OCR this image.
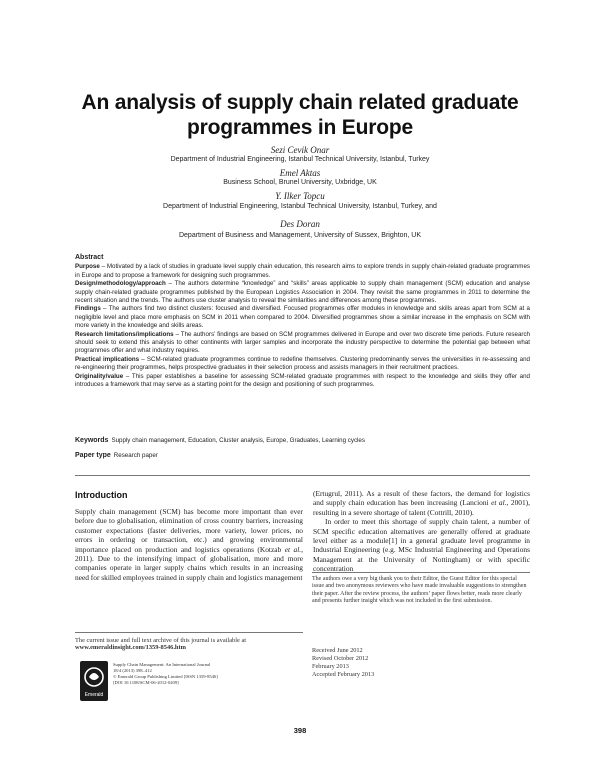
An analysis of supply chain related graduate programmes in Europe
Sezi Cevik Onar
Department of Industrial Engineering, Istanbul Technical University, Istanbul, Turkey
Emel Aktas
Business School, Brunel University, Uxbridge, UK
Y. Ilker Topcu
Department of Industrial Engineering, Istanbul Technical University, Istanbul, Turkey, and
Des Doran
Department of Business and Management, University of Sussex, Brighton, UK
Abstract
Purpose – Motivated by a lack of studies in graduate level supply chain education, this research aims to explore trends in supply chain-related graduate programmes in Europe and to propose a framework for designing such programmes.
Design/methodology/approach – The authors determine “knowledge” and “skills” areas applicable to supply chain management (SCM) education and analyse supply chain-related graduate programmes published by the European Logistics Association in 2004. They revisit the same programmes in 2011 to determine the recent situation and the trends. The authors use cluster analysis to reveal the similarities and differences among these programmes.
Findings – The authors find two distinct clusters: focused and diversified. Focused programmes offer modules in knowledge and skills areas apart from SCM at a negligible level and place more emphasis on SCM in 2011 when compared to 2004. Diversified programmes show a similar increase in the emphasis on SCM with more variety in the knowledge and skills areas.
Research limitations/implications – The authors’ findings are based on SCM programmes delivered in Europe and over two discrete time periods. Future research should seek to extend this analysis to other continents with larger samples and incorporate the industry perspective to determine the potential gap between what programmes offer and what industry requires.
Practical implications – SCM-related graduate programmes continue to redefine themselves. Clustering predominantly serves the universities in re-assessing and re-engineering their programmes, helps prospective graduates in their selection process and assists managers in their recruitment practices.
Originality/value – This paper establishes a baseline for assessing SCM-related graduate programmes with respect to the knowledge and skills they offer and introduces a framework that may serve as a starting point for the design and positioning of such programmes.
Keywords Supply chain management, Education, Cluster analysis, Europe, Graduates, Learning cycles
Paper type Research paper
Introduction

Supply chain management (SCM) has become more important than ever before due to globalisation, elimination of cross country barriers, increasing customer expectations (faster deliveries, more variety, lower prices, no errors in ordering or transaction, etc.) and growing environmental importance placed on production and logistics operations (Kotzab et al., 2011). Due to the intensifying impact of globalisation, more and more companies operate in larger supply chains which results in an increasing need for skilled employees trained in supply chain and logistics management

The current issue and full text archive of this journal is available at
www.emeraldinsight.com/1359-8546.htm
Emerald
Supply Chain Management: An International Journal
18/4 (2013) 398–412
© Emerald Group Publishing Limited [ISSN 1359-8546]
[DOI 10.1108/SCM-06-2012-0209]

(Ertugrul, 2011). As a result of these factors, the demand for logistics and supply chain education has been increasing (Lancioni et al., 2001), resulting in a severe shortage of talent (Cottrill, 2010).

In order to meet this shortage of supply chain talent, a number of SCM specific education alternatives are generally offered at graduate level either as a module[1] in a general graduate level programme in Industrial Engineering (e.g. MSc Industrial Engineering and Operations Management at the University of Nottingham) or with specific concentration

The authors owe a very big thank you to their Editor, the Guest Editor for this special issue and two anonymous reviewers who have made invaluable suggestions to strengthen their paper. After the review process, the authors’ paper flows better, reads more clearly and presents further insight which was not included in the first submission.
Received June 2012
Revised October 2012
February 2013
Accepted February 2013
398
